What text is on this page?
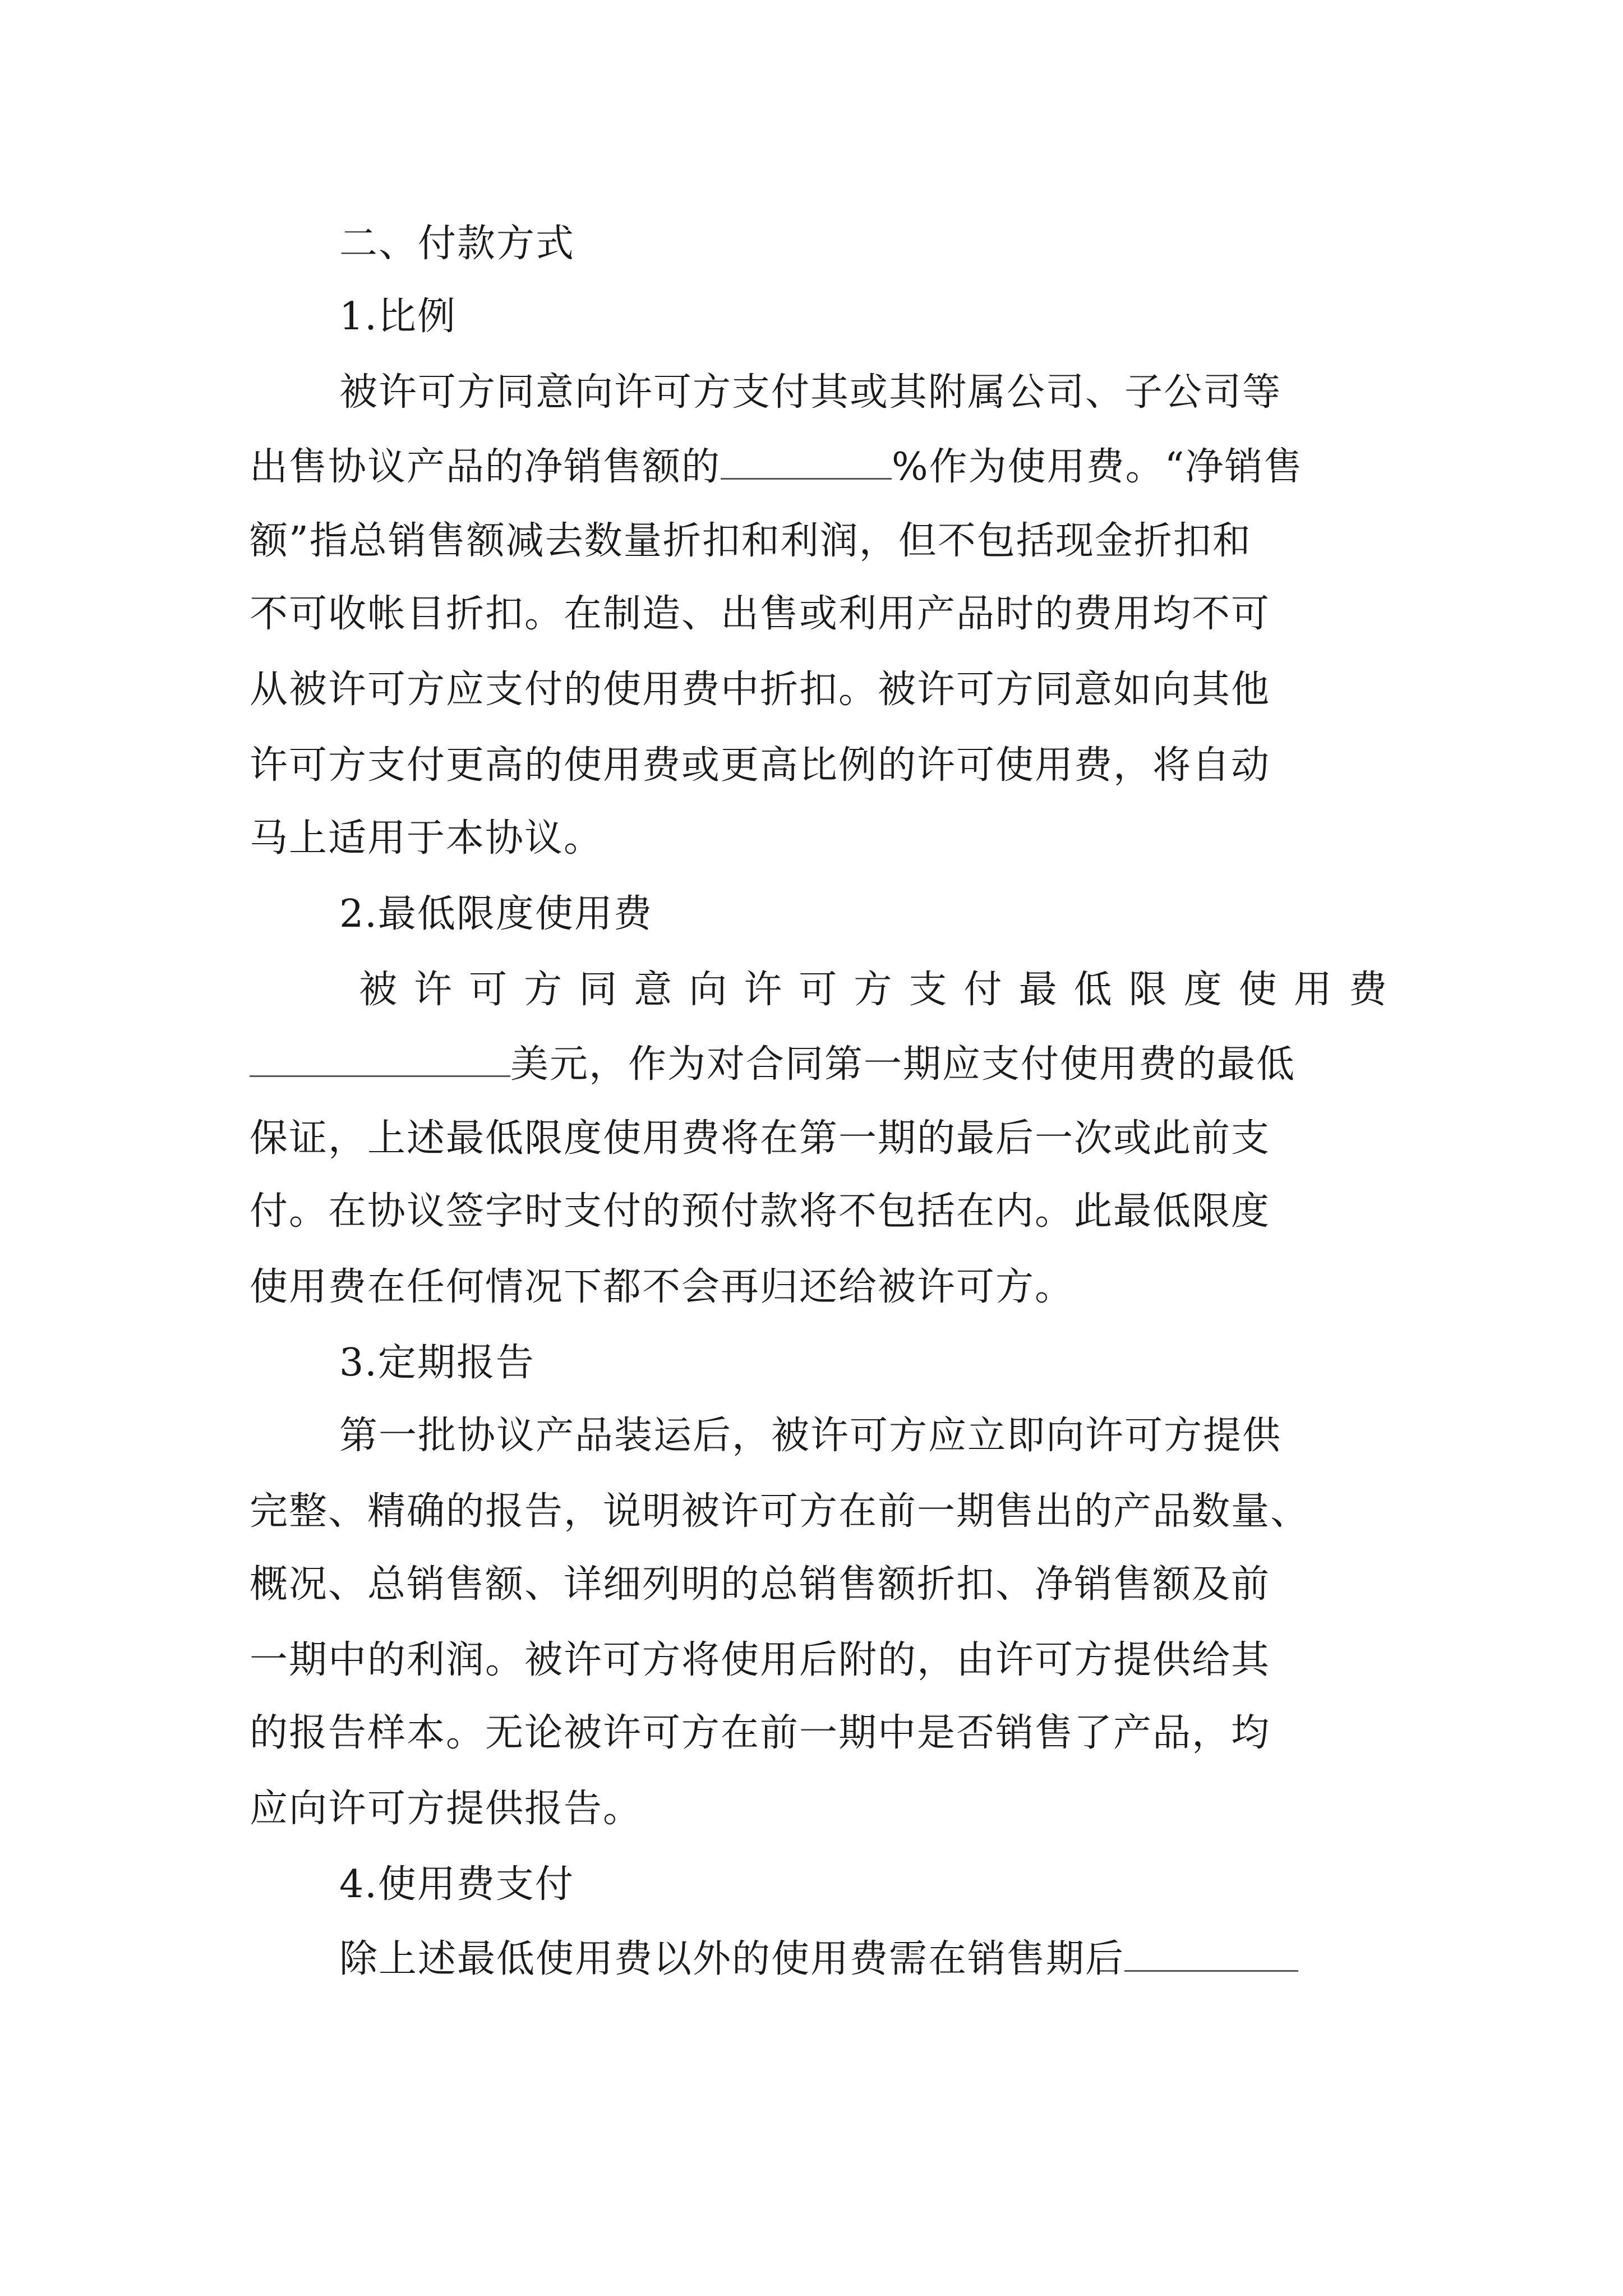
二、付款方式
1.比例
被许可方同意向许可方支付其或其附属公司、子公司等
出售协议产品的净销售额的	%作为使用费。“净销售
额”指总销售额减去数量折扣和利润，但不包括现金折扣和
不可收帐目折扣。在制造、出售或利用产品时的费用均不可
从被许可方应支付的使用费中折扣。被许可方同意如向其他
许可方支付更高的使用费或更高比例的许可使用费，将自动
马上适用于本协议。
2.最低限度使用费
被 许 可 方 同 意 向 许 可 方 支 付 最 低 限 度 使 用 费
美元，作为对合同第一期应支付使用费的最低
保证，上述最低限度使用费将在第一期的最后一次或此前支
付。在协议签字时支付的预付款将不包括在内。此最低限度
使用费在任何情况下都不会再归还给被许可方。
3.定期报告
第一批协议产品装运后，被许可方应立即向许可方提供
完整、精确的报告，说明被许可方在前一期售出的产品数量、
概况、总销售额、详细列明的总销售额折扣、净销售额及前
一期中的利润。被许可方将使用后附的，由许可方提供给其
的报告样本。无论被许可方在前一期中是否销售了产品，均
应向许可方提供报告。
4.使用费支付
除上述最低使用费以外的使用费需在销售期后
